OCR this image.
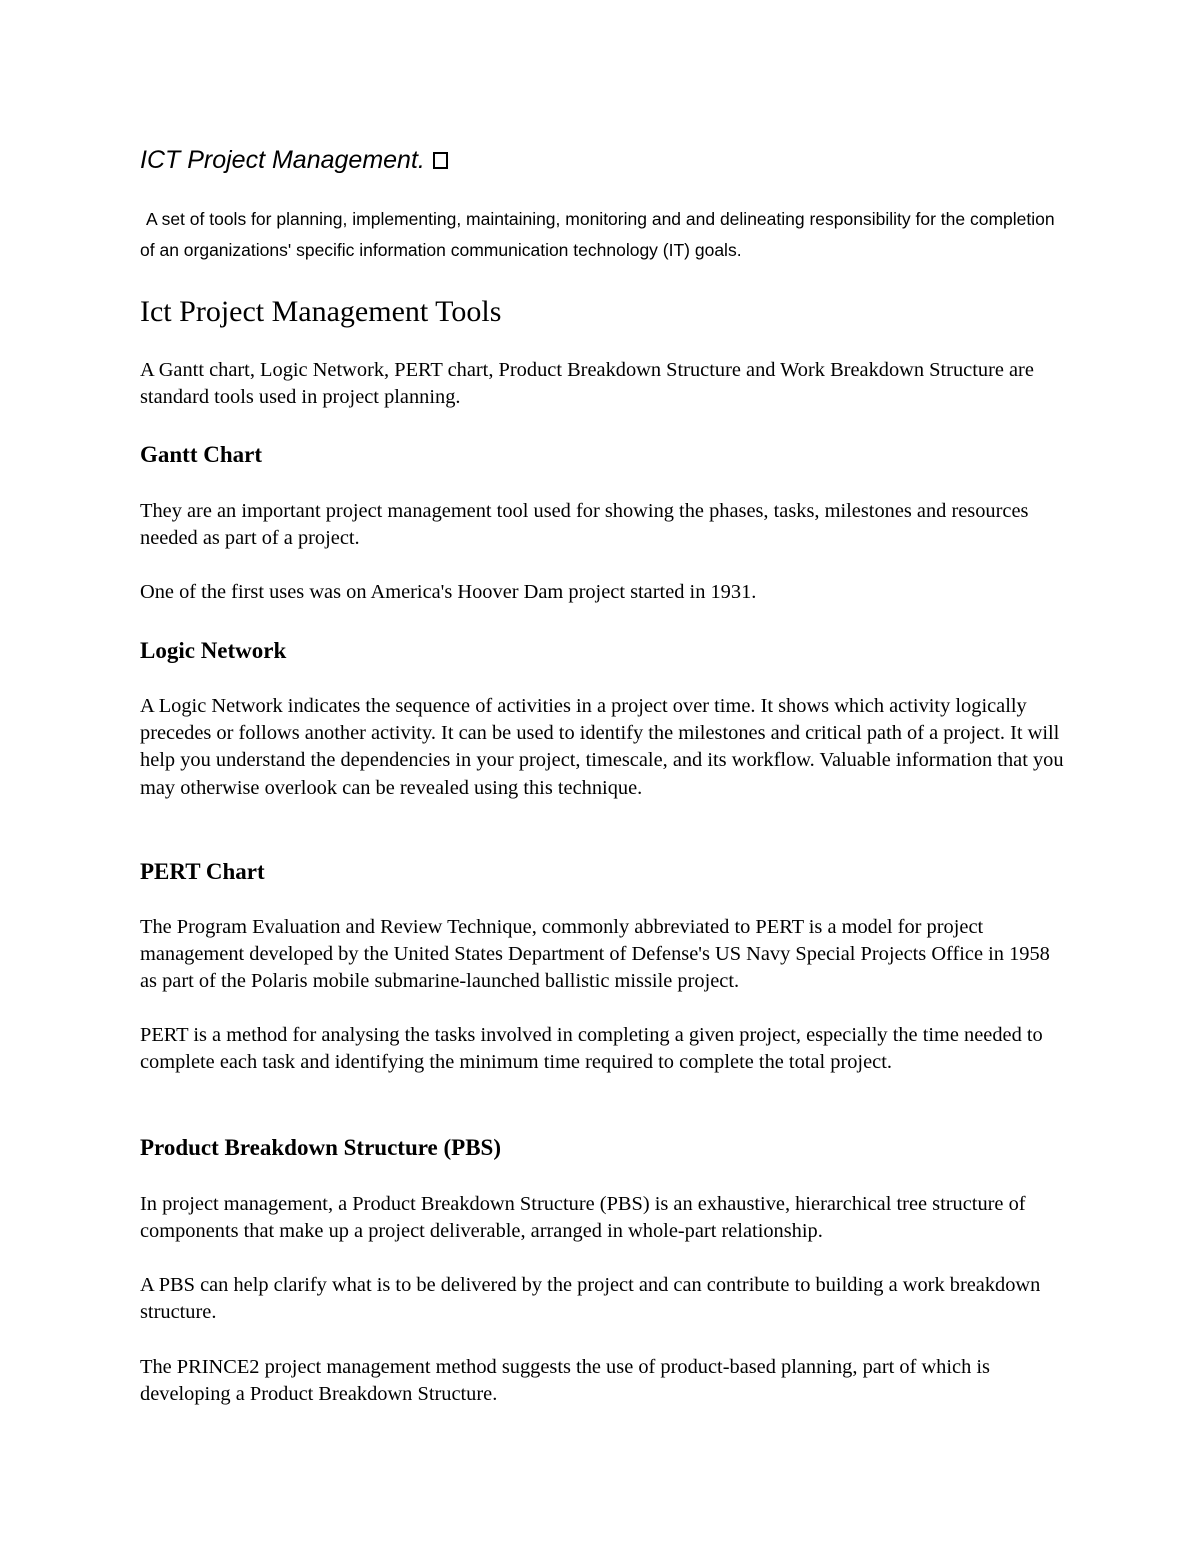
ICT Project Management.

A set of tools for planning, implementing, maintaining, monitoring and and delineating responsibility for the completion of an organizations' specific information communication technology (IT) goals.

Ict Project Management Tools

A Gantt chart, Logic Network, PERT chart, Product Breakdown Structure and Work Breakdown Structure are standard tools used in project planning.

Gantt Chart

They are an important project management tool used for showing the phases, tasks, milestones and resources needed as part of a project.

One of the first uses was on America's Hoover Dam project started in 1931.

Logic Network

A Logic Network indicates the sequence of activities in a project over time. It shows which activity logically precedes or follows another activity. It can be used to identify the milestones and critical path of a project. It will help you understand the dependencies in your project, timescale, and its workflow. Valuable information that you may otherwise overlook can be revealed using this technique.

PERT Chart

The Program Evaluation and Review Technique, commonly abbreviated to PERT is a model for project management developed by the United States Department of Defense's US Navy Special Projects Office in 1958 as part of the Polaris mobile submarine-launched ballistic missile project.

PERT is a method for analysing the tasks involved in completing a given project, especially the time needed to complete each task and identifying the minimum time required to complete the total project.

Product Breakdown Structure (PBS)

In project management, a Product Breakdown Structure (PBS) is an exhaustive, hierarchical tree structure of components that make up a project deliverable, arranged in whole-part relationship.

A PBS can help clarify what is to be delivered by the project and can contribute to building a work breakdown structure.

The PRINCE2 project management method suggests the use of product-based planning, part of which is developing a Product Breakdown Structure.
